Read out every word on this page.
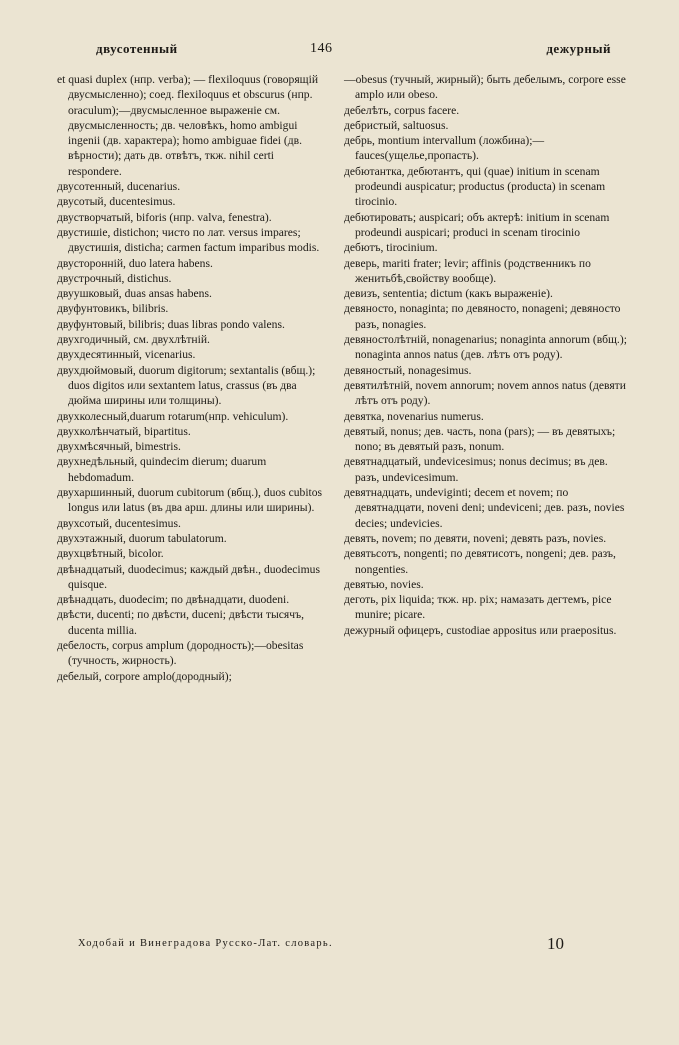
двусотенный	146	дежурный

et quasi duplex (нпр. verba); — flexiloquus (говорящій двусмысленно); соед. flexiloquus et obscurus (нпр. oraculum);—двусмысленное выраженіе см. двусмысленность; дв. человѣкъ, homo ambigui ingenii (дв. характера); homo ambiguae fidei (дв. вѣрности); дать дв. отвѣтъ, ткж. nihil certi respondere.

двусотенный, ducenarius.

двусотый, ducentesimus.

двустворчатый, biforis (нпр. valva, fenestra).

двустишіе, distichon; чисто по лат. versus impares; двустишія, disticha; carmen factum imparibus modis.

двусторонній, duo latera habens.

двустрочный, distichus.

двуушковый, duas ansas habens.

двуфунтовикъ, bilibris.

двуфунтовый, bilibris; duas libras pondo valens.

двухгодичный, см. двухлѣтній.

двухдесятинный, vicenarius.

двухдюймовый, duorum digitorum; sextantalis (вбщ.); duos digitos или sextantem latus, crassus (въ два дюйма ширины или толщины).

двухколесный,duarum rotarum(нпр. vehiculum).

двухколѣнчатый, bipartitus.

двухмѣсячный, bimestris.

двухнедѣльный, quindecim dierum; duarum hebdomadum.

двухаршинный, duorum cubitorum (вбщ.), duos cubitos longus или latus (въ два арш. длины или ширины).

двухсотый, ducentesimus.

двухэтажный, duorum tabulatorum.

двухцвѣтный, bicolor.

двѣнадцатый, duodecimus; каждый двѣн., duodecimus quisque.

двѣнадцать, duodecim; по двѣнадцати, duodeni.

двѣсти, ducenti; по двѣсти, duceni; двѣсти тысячъ, ducenta millia.

дебелость, corpus amplum (дородность);—obesitas (тучность, жирность).

дебелый, corpore amplo(дородный);

—obesus (тучный, жирный); быть дебелымъ, corpore esse amplo или obeso.

дебелѣть, corpus facere.

дебристый, saltuosus.

дебрь, montium intervallum (ложбина);—fauces(ущелье,пропасть).

дебютантка, дебютантъ, qui (quae) initium in scenam prodeundi auspicatur; productus (producta) in scenam tirocinio.

дебютировать; auspicari; объ актерѣ: initium in scenam prodeundi auspicari; produci in scenam tirocinio

дебютъ, tirocinium.

деверь, mariti frater; levir; affinis (родственникъ по женитьбѣ,свойству вообще).

девизъ, sententia; dictum (какъ выраженіе).

девяносто, nonaginta; по девяносто, nonageni; девяносто разъ, nonagies.

девяностолѣтній, nonagenarius; nonaginta annorum (вбщ.); nonaginta annos natus (дев. лѣтъ отъ роду).

девяностый, nonagesimus.

девятилѣтній, novem annorum; novem annos natus (девяти лѣтъ отъ роду).

девятка, novenarius numerus.

девятый, nonus; дев. часть, nona (pars); — въ девятыхъ; nono; въ девятый разъ, nonum.

девятнадцатый, undevicesimus; nonus decimus; въ дев. разъ, undevicesimum.

девятнадцать, undeviginti; decem et novem; по девятнадцати, noveni deni; undeviceni; дев. разъ, novies decies; undevicies.

девять, novem; по девяти, noveni; девять разъ, novies.

девятьсотъ, nongenti; по девятисотъ, nongeni; дев. разъ, nongenties.

девятью, novies.

деготь, pix liquida; ткж. нр. pix; намазать дегтемъ, pice munire; picare.

дежурный офицеръ, custodiae appositus или praepositus.

Ходобай и Винеградова Русско-Лат. словарь.	10
